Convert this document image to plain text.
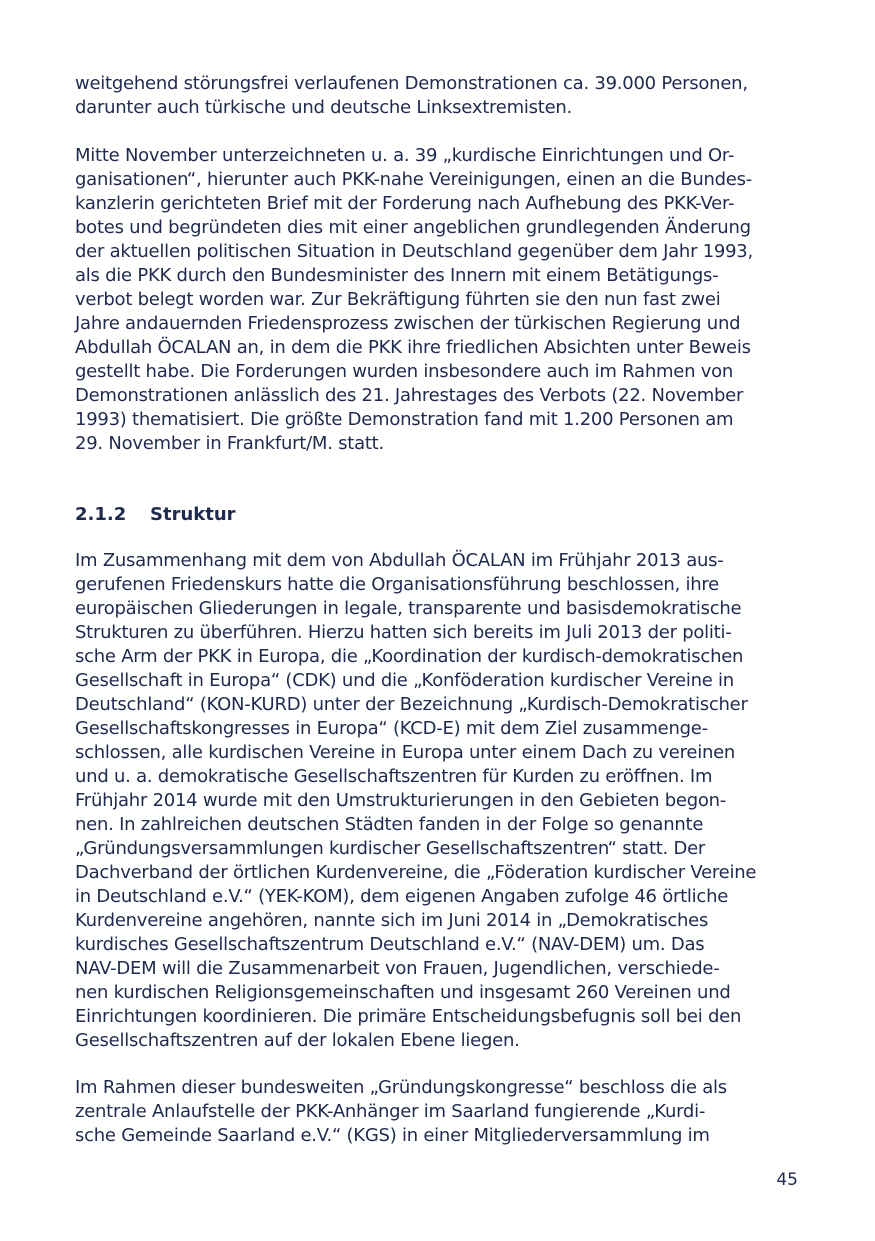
weitgehend störungsfrei verlaufenen Demonstrationen ca. 39.000 Personen,
darunter auch türkische und deutsche Linksextremisten.

Mitte November unterzeichneten u. a. 39 „kurdische Einrichtungen und Or-
ganisationen“, hierunter auch PKK-nahe Vereinigungen, einen an die Bundes-
kanzlerin gerichteten Brief mit der Forderung nach Aufhebung des PKK-Ver-
botes und begründeten dies mit einer angeblichen grundlegenden Änderung
der aktuellen politischen Situation in Deutschland gegenüber dem Jahr 1993,
als die PKK durch den Bundesminister des Innern mit einem Betätigungs-
verbot belegt worden war. Zur Bekräftigung führten sie den nun fast zwei
Jahre andauernden Friedensprozess zwischen der türkischen Regierung und
Abdullah ÖCALAN an, in dem die PKK ihre friedlichen Absichten unter Beweis
gestellt habe. Die Forderungen wurden insbesondere auch im Rahmen von
Demonstrationen anlässlich des 21. Jahrestages des Verbots (22. November
1993) thematisiert. Die größte Demonstration fand mit 1.200 Personen am
29. November in Frankfurt/M. statt.

2.1.2 Struktur

Im Zusammenhang mit dem von Abdullah ÖCALAN im Frühjahr 2013 aus-
gerufenen Friedenskurs hatte die Organisationsführung beschlossen, ihre
europäischen Gliederungen in legale, transparente und basisdemokratische
Strukturen zu überführen. Hierzu hatten sich bereits im Juli 2013 der politi-
sche Arm der PKK in Europa, die „Koordination der kurdisch-demokratischen
Gesellschaft in Europa“ (CDK) und die „Konföderation kurdischer Vereine in
Deutschland“ (KON-KURD) unter der Bezeichnung „Kurdisch-Demokratischer
Gesellschaftskongresses in Europa“ (KCD-E) mit dem Ziel zusammenge-
schlossen, alle kurdischen Vereine in Europa unter einem Dach zu vereinen
und u. a. demokratische Gesellschaftszentren für Kurden zu eröffnen. Im
Frühjahr 2014 wurde mit den Umstrukturierungen in den Gebieten begon-
nen. In zahlreichen deutschen Städten fanden in der Folge so genannte
„Gründungsversammlungen kurdischer Gesellschaftszentren“ statt. Der
Dachverband der örtlichen Kurdenvereine, die „Föderation kurdischer Vereine
in Deutschland e.V.“ (YEK-KOM), dem eigenen Angaben zufolge 46 örtliche
Kurdenvereine angehören, nannte sich im Juni 2014 in „Demokratisches
kurdisches Gesellschaftszentrum Deutschland e.V.“ (NAV-DEM) um. Das
NAV-DEM will die Zusammenarbeit von Frauen, Jugendlichen, verschiede-
nen kurdischen Religionsgemeinschaften und insgesamt 260 Vereinen und
Einrichtungen koordinieren. Die primäre Entscheidungsbefugnis soll bei den
Gesellschaftszentren auf der lokalen Ebene liegen.

Im Rahmen dieser bundesweiten „Gründungskongresse“ beschloss die als
zentrale Anlaufstelle der PKK-Anhänger im Saarland fungierende „Kurdi-
sche Gemeinde Saarland e.V.“ (KGS) in einer Mitgliederversammlung im

45
